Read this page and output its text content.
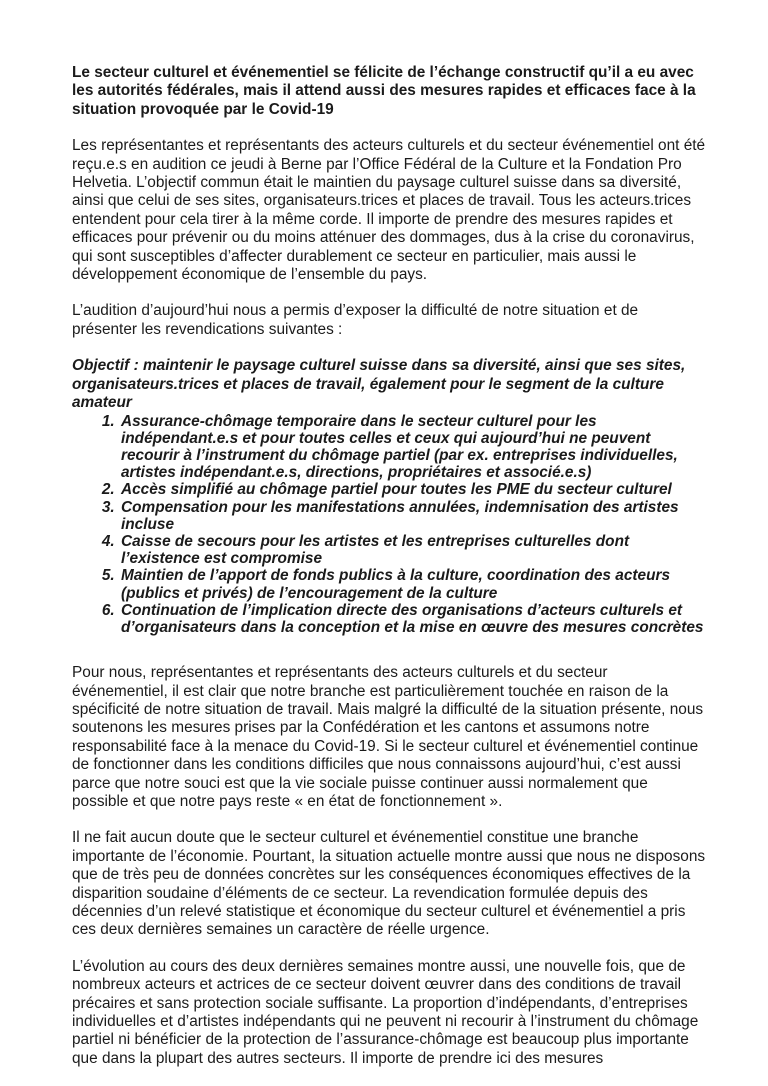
Le secteur culturel et événementiel se félicite de l’échange constructif qu’il a eu avec les autorités fédérales, mais il attend aussi des mesures rapides et efficaces face à la situation provoquée par le Covid-19

Les représentantes et représentants des acteurs culturels et du secteur événementiel ont été reçu.e.s en audition ce jeudi à Berne par l’Office Fédéral de la Culture et la Fondation Pro Helvetia. L’objectif commun était le maintien du paysage culturel suisse dans sa diversité, ainsi que celui de ses sites, organisateurs.trices et places de travail. Tous les acteurs.trices entendent pour cela tirer à la même corde. Il importe de prendre des mesures rapides et efficaces pour prévenir ou du moins atténuer des dommages, dus à la crise du coronavirus, qui sont susceptibles d’affecter durablement ce secteur en particulier, mais aussi le développement économique de l’ensemble du pays.

L’audition d’aujourd’hui nous a permis d’exposer la difficulté de notre situation et de présenter les revendications suivantes :

Objectif : maintenir le paysage culturel suisse dans sa diversité, ainsi que ses sites, organisateurs.trices et places de travail, également pour le segment de la culture amateur

1. Assurance-chômage temporaire dans le secteur culturel pour les indépendant.e.s et pour toutes celles et ceux qui aujourd’hui ne peuvent recourir à l’instrument du chômage partiel (par ex. entreprises individuelles, artistes indépendant.e.s, directions, propriétaires et associé.e.s)
2. Accès simplifié au chômage partiel pour toutes les PME du secteur culturel
3. Compensation pour les manifestations annulées, indemnisation des artistes incluse
4. Caisse de secours pour les artistes et les entreprises culturelles dont l’existence est compromise
5. Maintien de l’apport de fonds publics à la culture, coordination des acteurs (publics et privés) de l’encouragement de la culture
6. Continuation de l’implication directe des organisations d’acteurs culturels et d’organisateurs dans la conception et la mise en œuvre des mesures concrètes

Pour nous, représentantes et représentants des acteurs culturels et du secteur événementiel, il est clair que notre branche est particulièrement touchée en raison de la spécificité de notre situation de travail. Mais malgré la difficulté de la situation présente, nous soutenons les mesures prises par la Confédération et les cantons et assumons notre responsabilité face à la menace du Covid-19. Si le secteur culturel et événementiel continue de fonctionner dans les conditions difficiles que nous connaissons aujourd’hui, c’est aussi parce que notre souci est que la vie sociale puisse continuer aussi normalement que possible et que notre pays reste « en état de fonctionnement ».

Il ne fait aucun doute que le secteur culturel et événementiel constitue une branche importante de l’économie. Pourtant, la situation actuelle montre aussi que nous ne disposons que de très peu de données concrètes sur les conséquences économiques effectives de la disparition soudaine d’éléments de ce secteur. La revendication formulée depuis des décennies d’un relevé statistique et économique du secteur culturel et événementiel a pris ces deux dernières semaines un caractère de réelle urgence.

L’évolution au cours des deux dernières semaines montre aussi, une nouvelle fois, que de nombreux acteurs et actrices de ce secteur doivent œuvrer dans des conditions de travail précaires et sans protection sociale suffisante. La proportion d’indépendants, d’entreprises individuelles et d’artistes indépendants qui ne peuvent ni recourir à l’instrument du chômage partiel ni bénéficier de la protection de l’assurance-chômage est beaucoup plus importante que dans la plupart des autres secteurs. Il importe de prendre ici des mesures
